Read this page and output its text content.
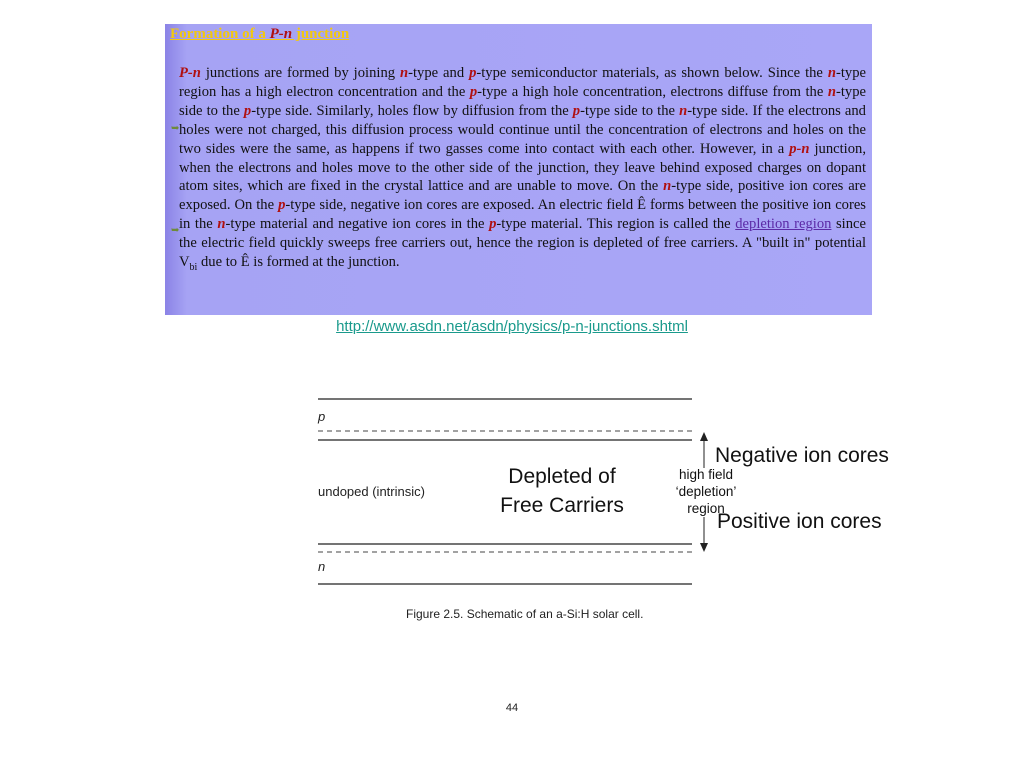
Formation of a P-n junction
➥
➥
P-n junctions are formed by joining n-type and p-type semiconductor materials, as shown below. Since the n-type region has a high electron concentration and the p-type a high hole concentration, electrons diffuse from the n-type side to the p-type side. Similarly, holes flow by diffusion from the p-type side to the n-type side. If the electrons and holes were not charged, this diffusion process would continue until the concentration of electrons and holes on the two sides were the same, as happens if two gasses come into contact with each other. However, in a p-n junction, when the electrons and holes move to the other side of the junction, they leave behind exposed charges on dopant atom sites, which are fixed in the crystal lattice and are unable to move. On the n-type side, positive ion cores are exposed. On the p-type side, negative ion cores are exposed. An electric field Ê forms between the positive ion cores in the n-type material and negative ion cores in the p-type material. This region is called the depletion region since the electric field quickly sweeps free carriers out, hence the region is depleted of free carriers. A "built in" potential $V_{bi}$ due to Ê is formed at the junction.
http://www.asdn.net/asdn/physics/p-n-junctions.shtml
p
undoped (intrinsic)
n
Figure 2.5. Schematic of an a-Si:H solar cell.
high field
‘depletion’
region
Depleted of
Free Carriers
Negative ion cores
Positive ion cores
44
